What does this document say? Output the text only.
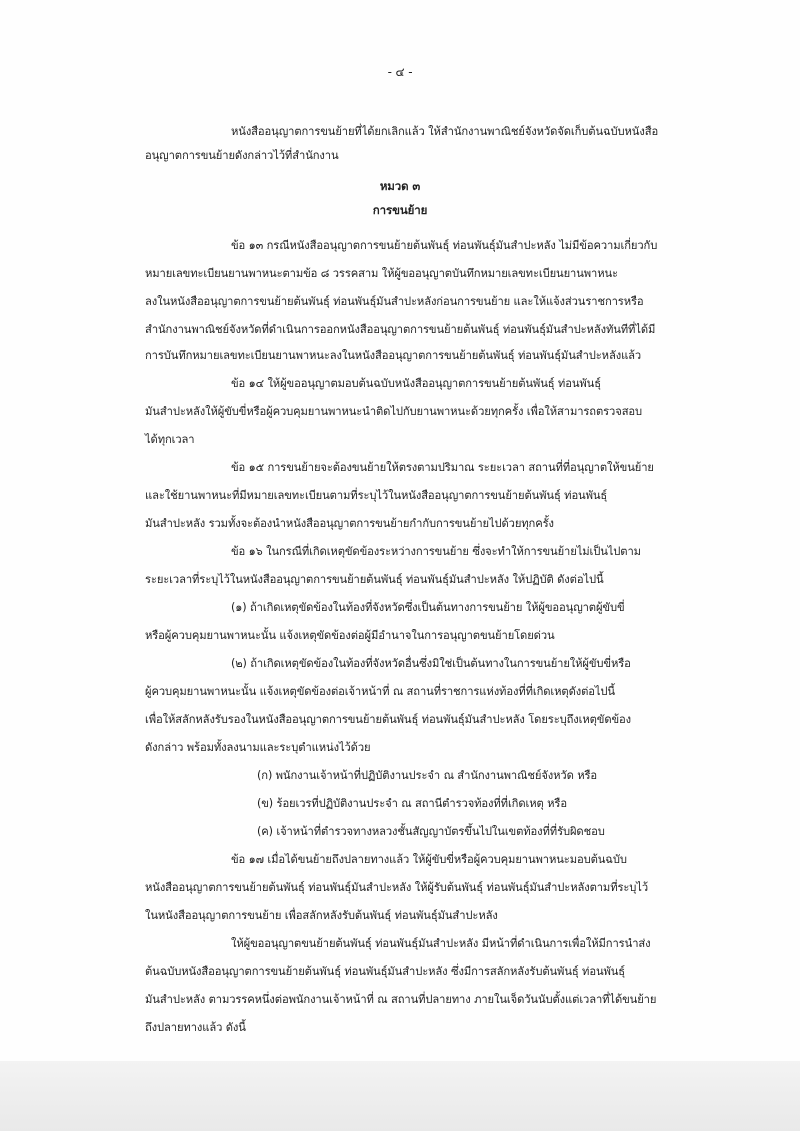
- ๔ -
หนังสืออนุญาตการขนย้ายที่ได้ยกเลิกแล้ว ให้สำนักงานพาณิชย์จังหวัดจัดเก็บต้นฉบับหนังสือ
อนุญาตการขนย้ายดังกล่าวไว้ที่สำนักงาน
หมวด ๓
การขนย้าย
ข้อ ๑๓ กรณีหนังสืออนุญาตการขนย้ายต้นพันธุ์ ท่อนพันธุ์มันสำปะหลัง ไม่มีข้อความเกี่ยวกับ
หมายเลขทะเบียนยานพาหนะตามข้อ ๘ วรรคสาม ให้ผู้ขออนุญาตบันทึกหมายเลขทะเบียนยานพาหนะ
ลงในหนังสืออนุญาตการขนย้ายต้นพันธุ์ ท่อนพันธุ์มันสำปะหลังก่อนการขนย้าย และให้แจ้งส่วนราชการหรือ
สำนักงานพาณิชย์จังหวัดที่ดำเนินการออกหนังสืออนุญาตการขนย้ายต้นพันธุ์ ท่อนพันธุ์มันสำปะหลังทันทีที่ได้มี
การบันทึกหมายเลขทะเบียนยานพาหนะลงในหนังสืออนุญาตการขนย้ายต้นพันธุ์ ท่อนพันธุ์มันสำปะหลังแล้ว
ข้อ ๑๔ ให้ผู้ขออนุญาตมอบต้นฉบับหนังสืออนุญาตการขนย้ายต้นพันธุ์ ท่อนพันธุ์
มันสำปะหลังให้ผู้ขับขี่หรือผู้ควบคุมยานพาหนะนำติดไปกับยานพาหนะด้วยทุกครั้ง เพื่อให้สามารถตรวจสอบ
ได้ทุกเวลา
ข้อ ๑๕ การขนย้ายจะต้องขนย้ายให้ตรงตามปริมาณ ระยะเวลา สถานที่ที่อนุญาตให้ขนย้าย
และใช้ยานพาหนะที่มีหมายเลขทะเบียนตามที่ระบุไว้ในหนังสืออนุญาตการขนย้ายต้นพันธุ์ ท่อนพันธุ์
มันสำปะหลัง รวมทั้งจะต้องนำหนังสืออนุญาตการขนย้ายกำกับการขนย้ายไปด้วยทุกครั้ง
ข้อ ๑๖ ในกรณีที่เกิดเหตุขัดข้องระหว่างการขนย้าย ซึ่งจะทำให้การขนย้ายไม่เป็นไปตาม
ระยะเวลาที่ระบุไว้ในหนังสืออนุญาตการขนย้ายต้นพันธุ์ ท่อนพันธุ์มันสำปะหลัง ให้ปฏิบัติ ดังต่อไปนี้
(๑) ถ้าเกิดเหตุขัดข้องในท้องที่จังหวัดซึ่งเป็นต้นทางการขนย้าย ให้ผู้ขออนุญาตผู้ขับขี่
หรือผู้ควบคุมยานพาหนะนั้น แจ้งเหตุขัดข้องต่อผู้มีอำนาจในการอนุญาตขนย้ายโดยด่วน
(๒) ถ้าเกิดเหตุขัดข้องในท้องที่จังหวัดอื่นซึ่งมิใช่เป็นต้นทางในการขนย้ายให้ผู้ขับขี่หรือ
ผู้ควบคุมยานพาหนะนั้น แจ้งเหตุขัดข้องต่อเจ้าหน้าที่ ณ สถานที่ราชการแห่งท้องที่ที่เกิดเหตุดังต่อไปนี้
เพื่อให้สลักหลังรับรองในหนังสืออนุญาตการขนย้ายต้นพันธุ์ ท่อนพันธุ์มันสำปะหลัง โดยระบุถึงเหตุขัดข้อง
ดังกล่าว พร้อมทั้งลงนามและระบุตำแหน่งไว้ด้วย
(ก) พนักงานเจ้าหน้าที่ปฏิบัติงานประจำ ณ สำนักงานพาณิชย์จังหวัด หรือ
(ข) ร้อยเวรที่ปฏิบัติงานประจำ ณ สถานีตำรวจท้องที่ที่เกิดเหตุ หรือ
(ค) เจ้าหน้าที่ตำรวจทางหลวงชั้นสัญญาบัตรขึ้นไปในเขตท้องที่ที่รับผิดชอบ
ข้อ ๑๗ เมื่อได้ขนย้ายถึงปลายทางแล้ว ให้ผู้ขับขี่หรือผู้ควบคุมยานพาหนะมอบต้นฉบับ
หนังสืออนุญาตการขนย้ายต้นพันธุ์ ท่อนพันธุ์มันสำปะหลัง ให้ผู้รับต้นพันธุ์ ท่อนพันธุ์มันสำปะหลังตามที่ระบุไว้
ในหนังสืออนุญาตการขนย้าย เพื่อสลักหลังรับต้นพันธุ์ ท่อนพันธุ์มันสำปะหลัง
ให้ผู้ขออนุญาตขนย้ายต้นพันธุ์ ท่อนพันธุ์มันสำปะหลัง มีหน้าที่ดำเนินการเพื่อให้มีการนำส่ง
ต้นฉบับหนังสืออนุญาตการขนย้ายต้นพันธุ์ ท่อนพันธุ์มันสำปะหลัง ซึ่งมีการสลักหลังรับต้นพันธุ์ ท่อนพันธุ์
มันสำปะหลัง ตามวรรคหนึ่งต่อพนักงานเจ้าหน้าที่ ณ สถานที่ปลายทาง ภายในเจ็ดวันนับตั้งแต่เวลาที่ได้ขนย้าย
ถึงปลายทางแล้ว ดังนี้
